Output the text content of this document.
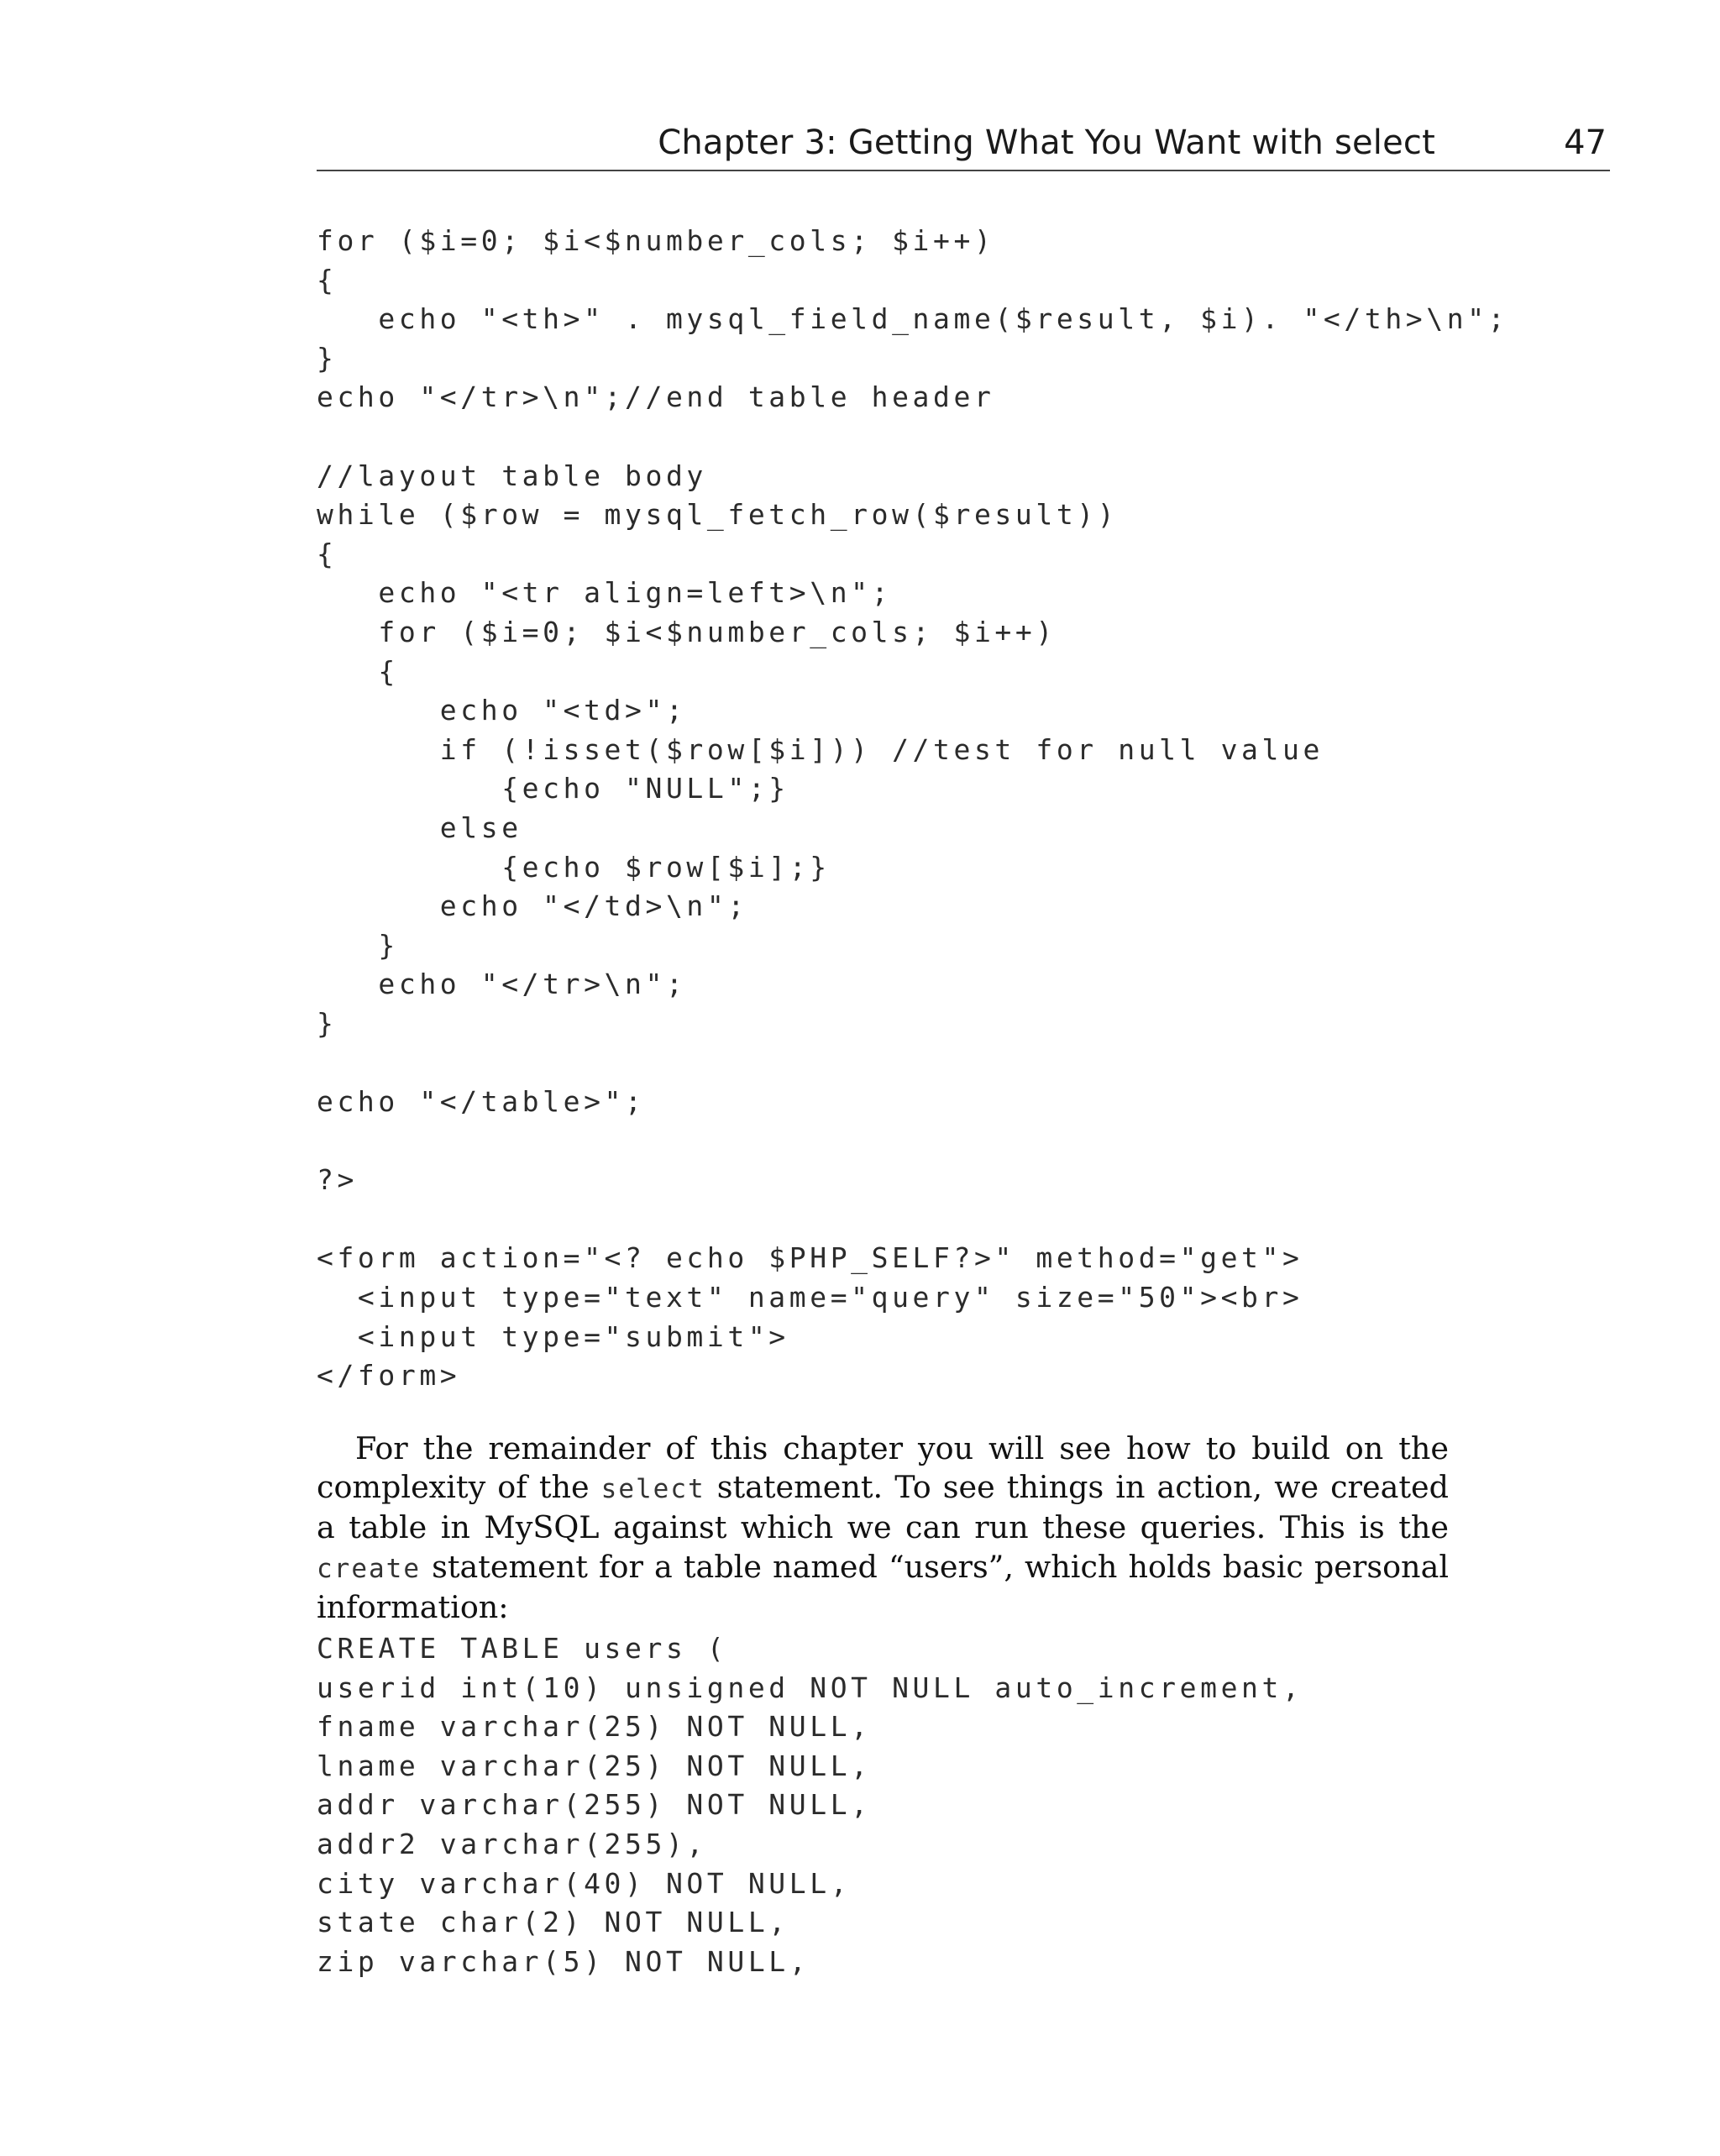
Chapter 3: Getting What You Want with select	47
for ($i=0; $i<$number_cols; $i++)
{
echo "<th>" . mysql_field_name($result, $i). "</th>\n";
}
echo "</tr>\n";//end table header
//layout table body
while ($row = mysql_fetch_row($result))
{
echo "<tr align=left>\n";
for ($i=0; $i<$number_cols; $i++)
{
echo "<td>";
if (!isset($row[$i])) //test for null value
{echo "NULL";}
else
{echo $row[$i];}
echo "</td>\n";
}
echo "</tr>\n";
}
echo "</table>";
?>
<form action="<? echo $PHP_SELF?>" method="get">
<input type="text" name="query" size="50"><br>
<input type="submit">
</form>

For the remainder of this chapter you will see how to build on the complexity of the select statement. To see things in action, we created a table in MySQL against which we can run these queries. This is the create statement for a table named “users”, which holds basic personal information:

CREATE TABLE users (
userid int(10) unsigned NOT NULL auto_increment,
fname varchar(25) NOT NULL,
lname varchar(25) NOT NULL,
addr varchar(255) NOT NULL,
addr2 varchar(255),
city varchar(40) NOT NULL,
state char(2) NOT NULL,
zip varchar(5) NOT NULL,
